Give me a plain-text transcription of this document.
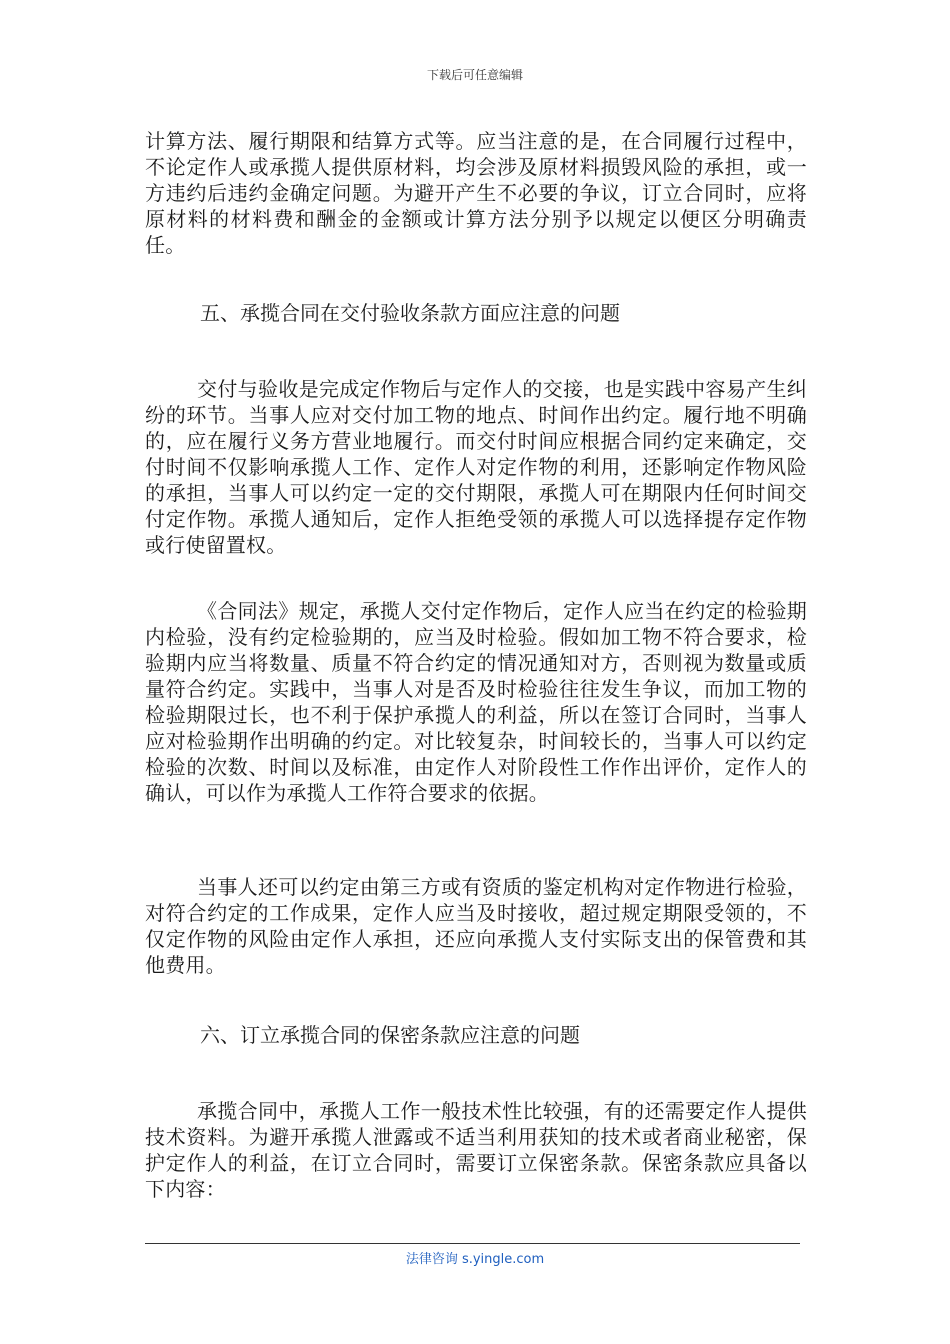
下载后可任意编辑

计算方法、履行期限和结算方式等。应当注意的是，在合同履行过程中，不论定作人或承揽人提供原材料，均会涉及原材料损毁风险的承担，或一方违约后违约金确定问题。为避开产生不必要的争议，订立合同时，应将原材料的材料费和酬金的金额或计算方法分别予以规定以便区分明确责任。

五、承揽合同在交付验收条款方面应注意的问题

交付与验收是完成定作物后与定作人的交接，也是实践中容易产生纠纷的环节。当事人应对交付加工物的地点、时间作出约定。履行地不明确的，应在履行义务方营业地履行。而交付时间应根据合同约定来确定，交付时间不仅影响承揽人工作、定作人对定作物的利用，还影响定作物风险的承担，当事人可以约定一定的交付期限，承揽人可在期限内任何时间交付定作物。承揽人通知后，定作人拒绝受领的承揽人可以选择提存定作物或行使留置权。

《合同法》规定，承揽人交付定作物后，定作人应当在约定的检验期内检验，没有约定检验期的，应当及时检验。假如加工物不符合要求，检验期内应当将数量、质量不符合约定的情况通知对方，否则视为数量或质量符合约定。实践中，当事人对是否及时检验往往发生争议，而加工物的检验期限过长，也不利于保护承揽人的利益，所以在签订合同时，当事人应对检验期作出明确的约定。对比较复杂，时间较长的，当事人可以约定检验的次数、时间以及标准，由定作人对阶段性工作作出评价，定作人的确认，可以作为承揽人工作符合要求的依据。

当事人还可以约定由第三方或有资质的鉴定机构对定作物进行检验，对符合约定的工作成果，定作人应当及时接收，超过规定期限受领的，不仅定作物的风险由定作人承担，还应向承揽人支付实际支出的保管费和其他费用。

六、订立承揽合同的保密条款应注意的问题

承揽合同中，承揽人工作一般技术性比较强，有的还需要定作人提供技术资料。为避开承揽人泄露或不适当利用获知的技术或者商业秘密，保护定作人的利益，在订立合同时，需要订立保密条款。保密条款应具备以下内容：

法律咨询 s.yingle.com
